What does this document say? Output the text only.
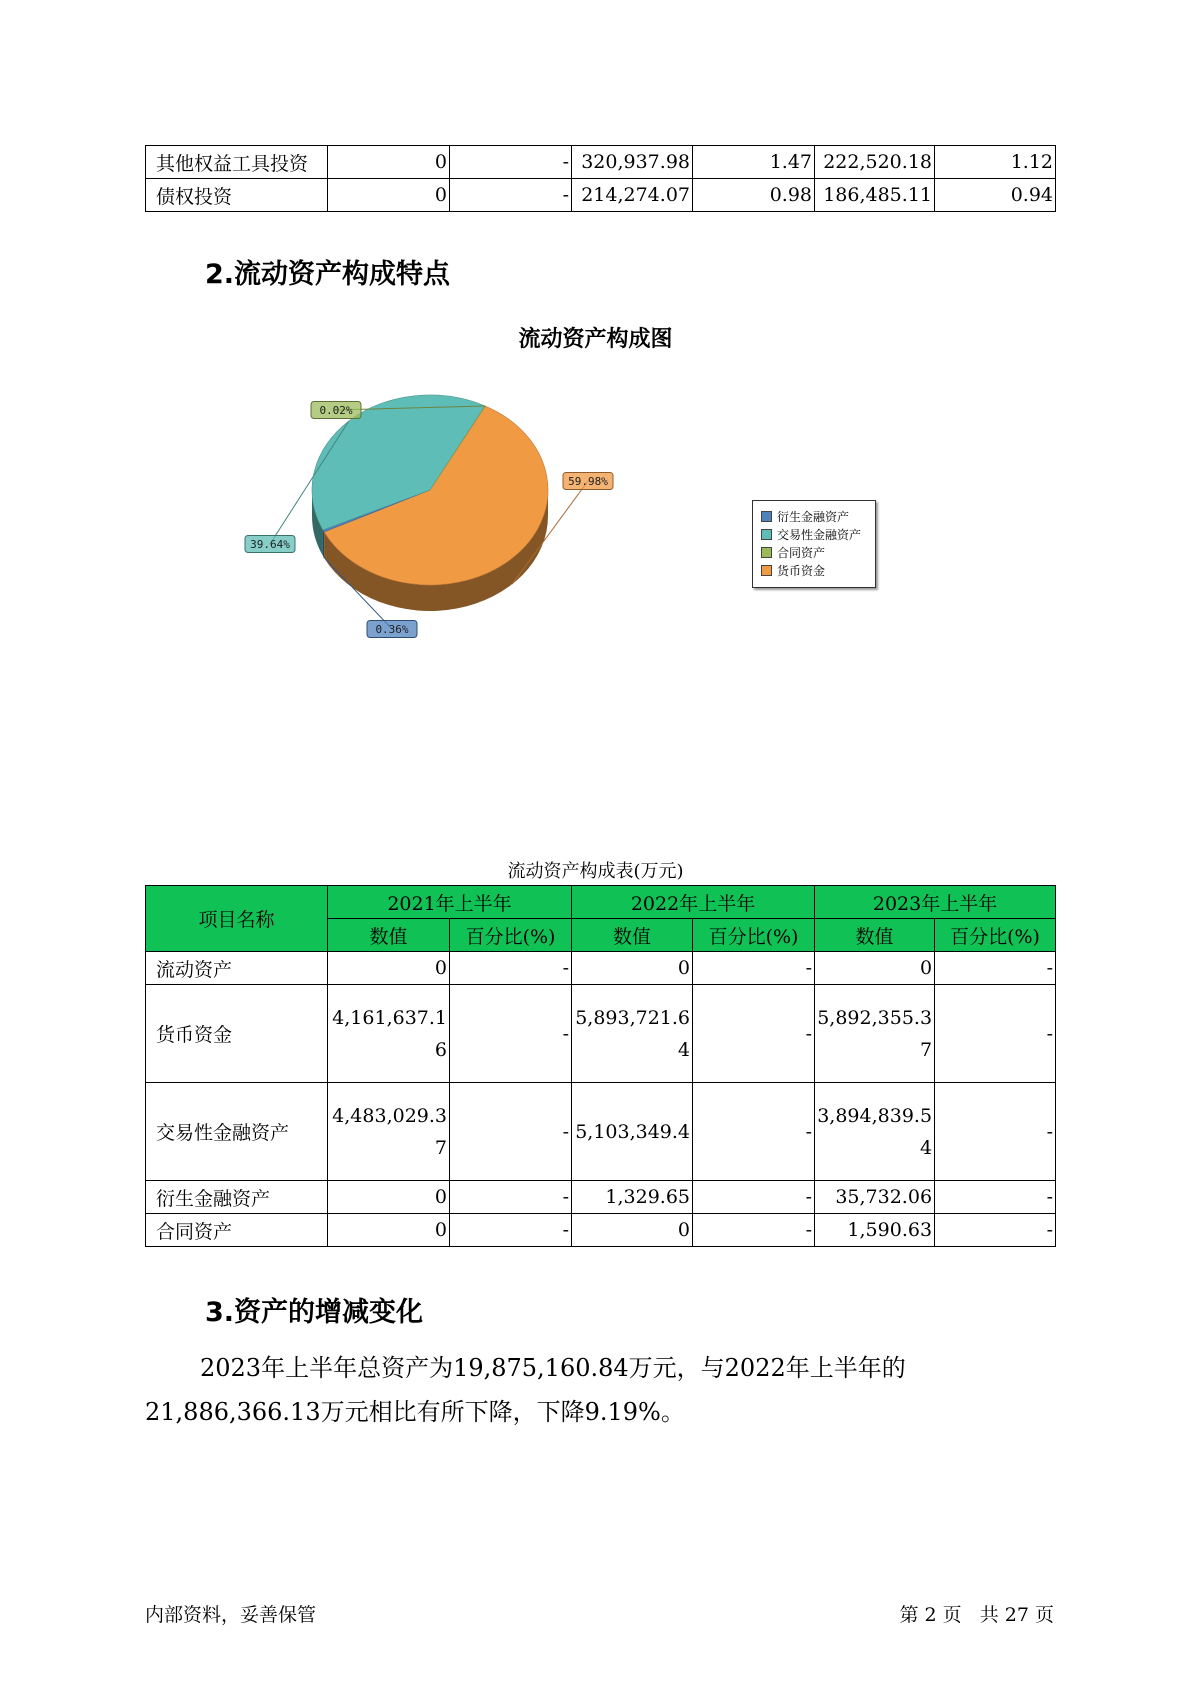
其他权益工具投资	0	-	320,937.98	1.47	222,520.18	1.12
债权投资	0	-	214,274.07	0.98	186,485.11	0.94
2.流动资产构成特点
流动资产构成图
59.98%
0.36%
39.64%
0.02%
衍生金融资产
交易性金融资产
合同资产
货币资金
流动资产构成表(万元)
项目名称	2021年上半年		2022年上半年		2023年上半年	
	数值	百分比(%)	数值	百分比(%)	数值	百分比(%)
流动资产	0	-	0	-	0	-
货币资金	4,161,637.16	-	5,893,721.64	-	5,892,355.37	-
交易性金融资产	4,483,029.37	-	5,103,349.4	-	3,894,839.54	-
衍生金融资产	0	-	1,329.65	-	35,732.06	-
合同资产	0	-	0	-	1,590.63	-
3.资产的增减变化

2023年上半年总资产为19,875,160.84万元，与2022年上半年的21,886,366.13万元相比有所下降，下降9.19%。

内部资料，妥善保管	第 2 页   共 27 页
